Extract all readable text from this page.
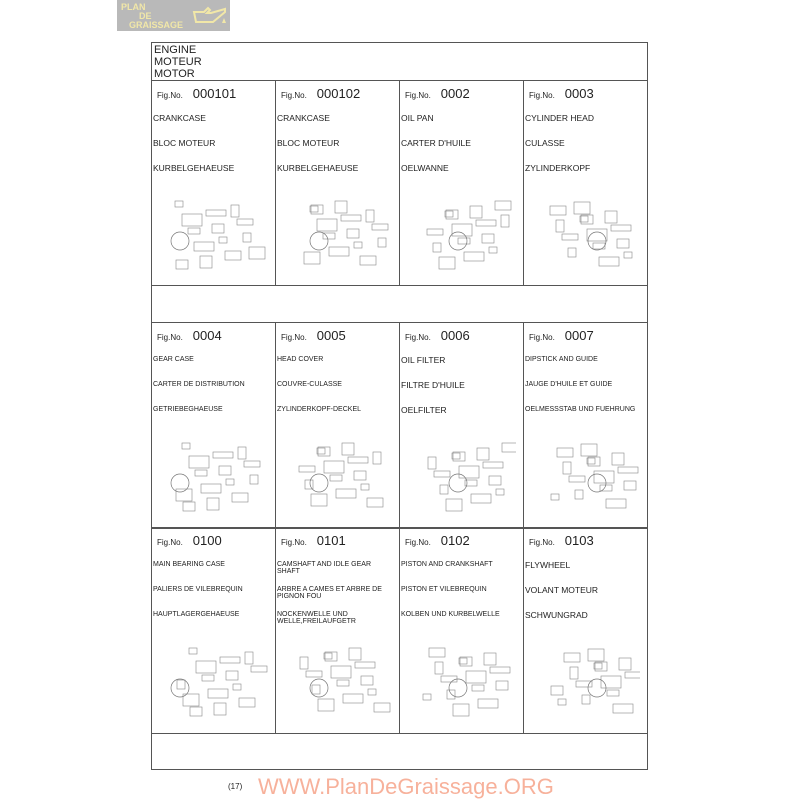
PLAN
DE
GRAISSAGE
ENGINE
MOTEUR
MOTOR
Fig.No. 000101
CRANKCASE
BLOC MOTEUR
KURBELGEHAEUSE
Fig.No. 000102
CRANKCASE
BLOC MOTEUR
KURBELGEHAEUSE
Fig.No. 0002
OIL PAN
CARTER D'HUILE
OELWANNE
Fig.No. 0003
CYLINDER HEAD
CULASSE
ZYLINDERKOPF
Fig.No. 0004
GEAR CASE
CARTER DE DISTRIBUTION
GETRIEBEGHAEUSE
Fig.No. 0005
HEAD COVER
COUVRE-CULASSE
ZYLINDERKOPF-DECKEL
Fig.No. 0006
OIL FILTER
FILTRE D'HUILE
OELFILTER
Fig.No. 0007
DIPSTICK AND GUIDE
JAUGE D'HUILE ET GUIDE
OELMESSSTAB UND FUEHRUNG
Fig.No. 0100
MAIN BEARING CASE
PALIERS DE VILEBREQUIN
HAUPTLAGERGEHAEUSE
Fig.No. 0101
CAMSHAFT AND IDLE GEAR SHAFT
ARBRE A CAMES ET ARBRE DE PIGNON FOU
NOCKENWELLE UND WELLE,FREILAUFGETR
Fig.No. 0102
PISTON AND CRANKSHAFT
PISTON ET VILEBREQUIN
KOLBEN UND KURBELWELLE
Fig.No. 0103
FLYWHEEL
VOLANT MOTEUR
SCHWUNGRAD
(17) WWW.PlanDeGraissage.ORG
